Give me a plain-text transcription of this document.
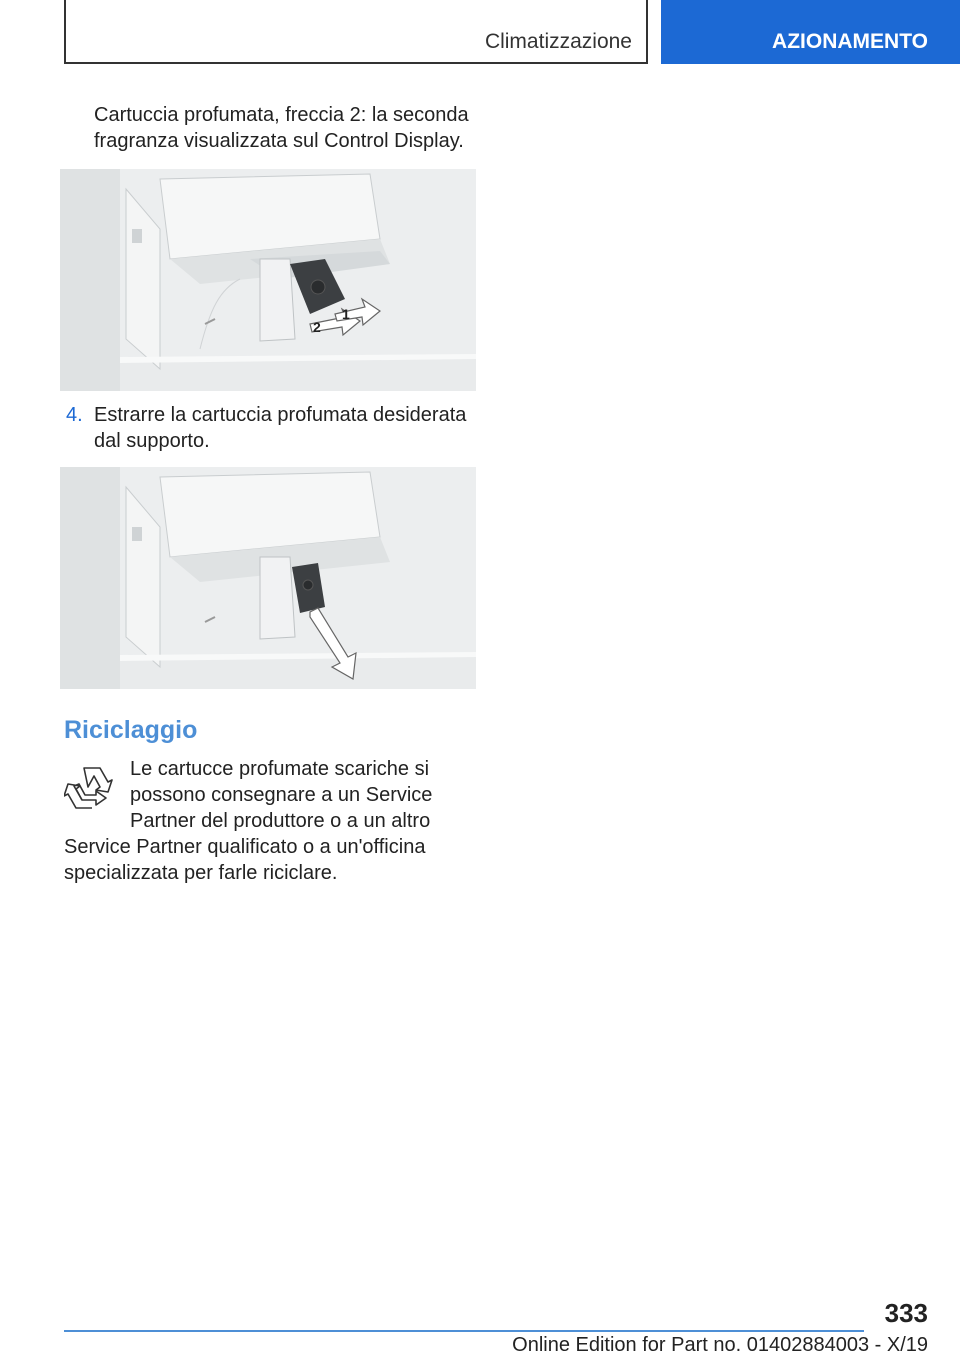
Climatizzazione	AZIONAMENTO
Cartuccia profumata, freccia 2: la seconda fragranza visualizzata sul Control Display.
2
1
4. Estrarre la cartuccia profumata desiderata dal supporto.
Riciclaggio
Le cartucce profumate scariche si possono consegnare a un Service Partner del produttore o a un altro Service Partner qualificato o a un'officina specializzata per farle riciclare.
333
Online Edition for Part no. 01402884003 - X/19
